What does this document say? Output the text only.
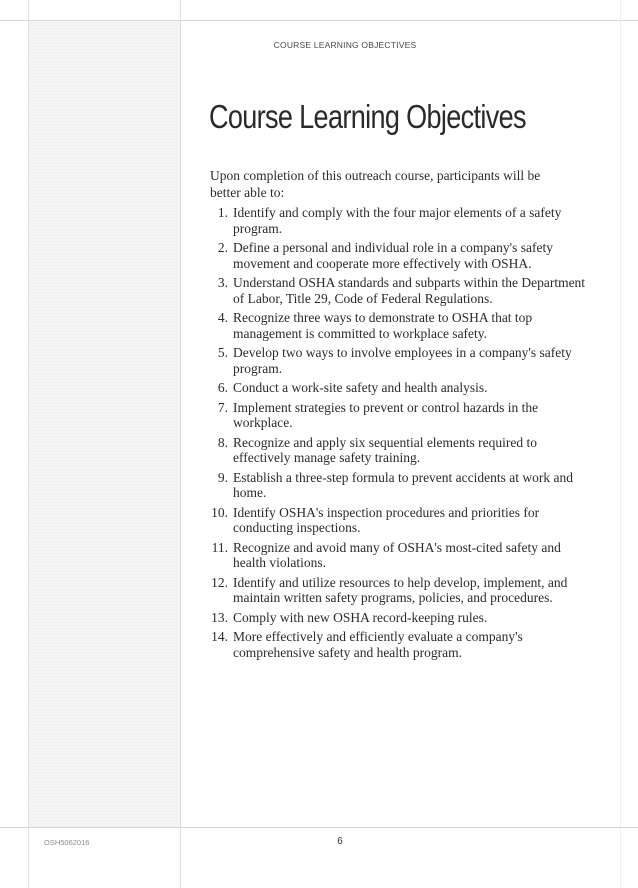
COURSE LEARNING OBJECTIVES
Course Learning Objectives

Upon completion of this outreach course, participants will be better able to:

1. Identify and comply with the four major elements of a safety program.
2. Define a personal and individual role in a company's safety movement and cooperate more effectively with OSHA.
3. Understand OSHA standards and subparts within the Department of Labor, Title 29, Code of Federal Regulations.
4. Recognize three ways to demonstrate to OSHA that top management is committed to workplace safety.
5. Develop two ways to involve employees in a company's safety program.
6. Conduct a work-site safety and health analysis.
7. Implement strategies to prevent or control hazards in the workplace.
8. Recognize and apply six sequential elements required to effectively manage safety training.
9. Establish a three-step formula to prevent accidents at work and home.
10. Identify OSHA's inspection procedures and priorities for conducting inspections.
11. Recognize and avoid many of OSHA's most-cited safety and health violations.
12. Identify and utilize resources to help develop, implement, and maintain written safety programs, policies, and procedures.
13. Comply with new OSHA record-keeping rules.
14. More effectively and efficiently evaluate a company's comprehensive safety and health program.
OSH5062016	6
